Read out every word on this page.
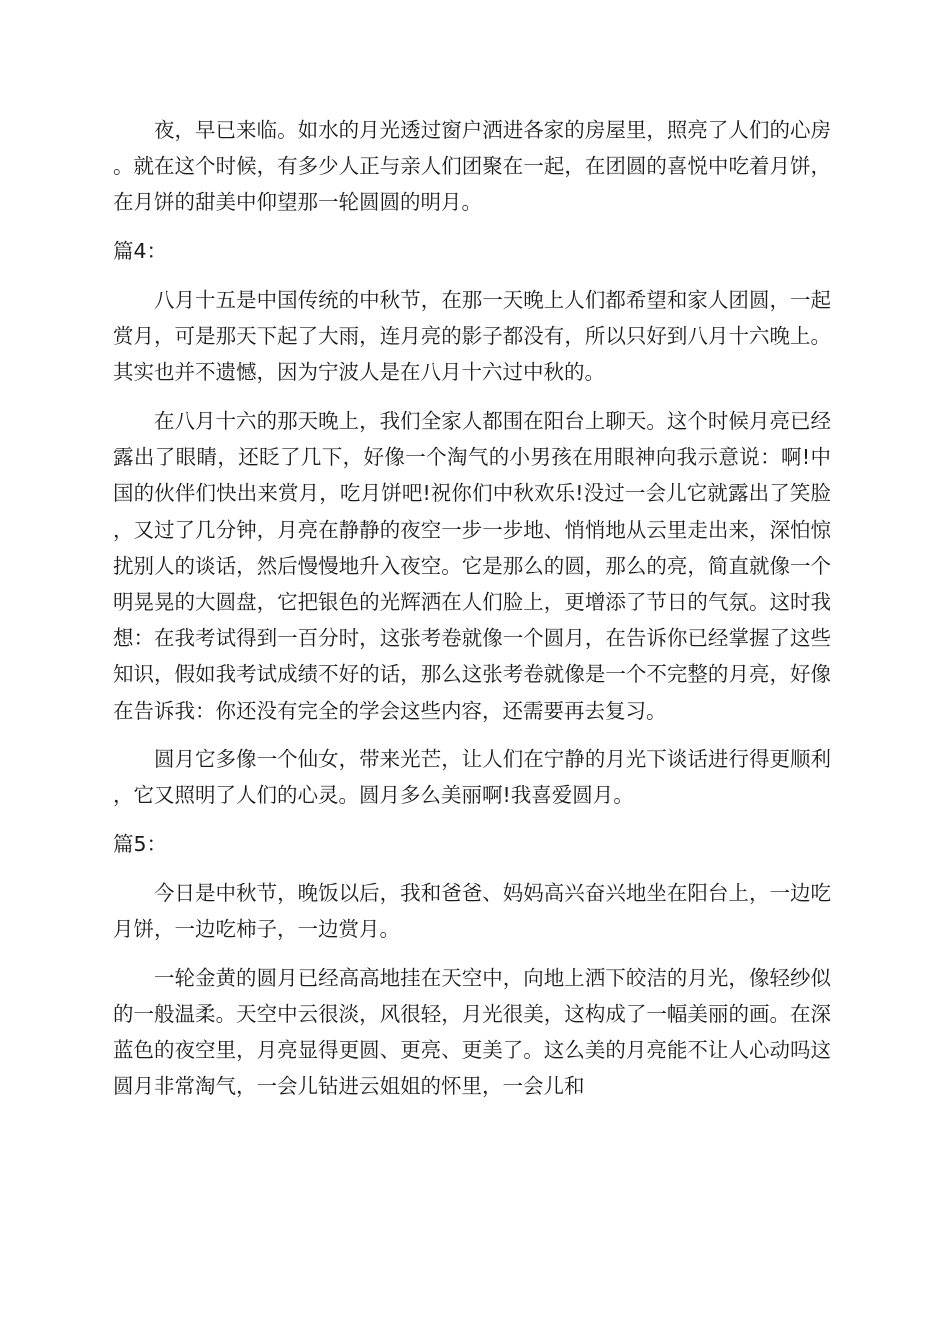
夜，早已来临。如水的月光透过窗户洒进各家的房屋里，照亮了人们的心房。就在这个时候，有多少人正与亲人们团聚在一起，在团圆的喜悦中吃着月饼，在月饼的甜美中仰望那一轮圆圆的明月。

篇4：

八月十五是中国传统的中秋节，在那一天晚上人们都希望和家人团圆，一起赏月，可是那天下起了大雨，连月亮的影子都没有，所以只好到八月十六晚上。其实也并不遗憾，因为宁波人是在八月十六过中秋的。

在八月十六的那天晚上，我们全家人都围在阳台上聊天。这个时候月亮已经露出了眼睛，还眨了几下，好像一个淘气的小男孩在用眼神向我示意说：啊!中国的伙伴们快出来赏月，吃月饼吧!祝你们中秋欢乐!没过一会儿它就露出了笑脸，又过了几分钟，月亮在静静的夜空一步一步地、悄悄地从云里走出来，深怕惊扰别人的谈话，然后慢慢地升入夜空。它是那么的圆，那么的亮，简直就像一个明晃晃的大圆盘，它把银色的光辉洒在人们脸上，更增添了节日的气氛。这时我想：在我考试得到一百分时，这张考卷就像一个圆月，在告诉你已经掌握了这些知识，假如我考试成绩不好的话，那么这张考卷就像是一个不完整的月亮，好像在告诉我：你还没有完全的学会这些内容，还需要再去复习。

圆月它多像一个仙女，带来光芒，让人们在宁静的月光下谈话进行得更顺利，它又照明了人们的心灵。圆月多么美丽啊!我喜爱圆月。

篇5：

今日是中秋节，晚饭以后，我和爸爸、妈妈高兴奋兴地坐在阳台上，一边吃月饼，一边吃柿子，一边赏月。

一轮金黄的圆月已经高高地挂在天空中，向地上洒下皎洁的月光，像轻纱似的一般温柔。天空中云很淡，风很轻，月光很美，这构成了一幅美丽的画。在深蓝色的夜空里，月亮显得更圆、更亮、更美了。这么美的月亮能不让人心动吗这圆月非常淘气，一会儿钻进云姐姐的怀里，一会儿和
